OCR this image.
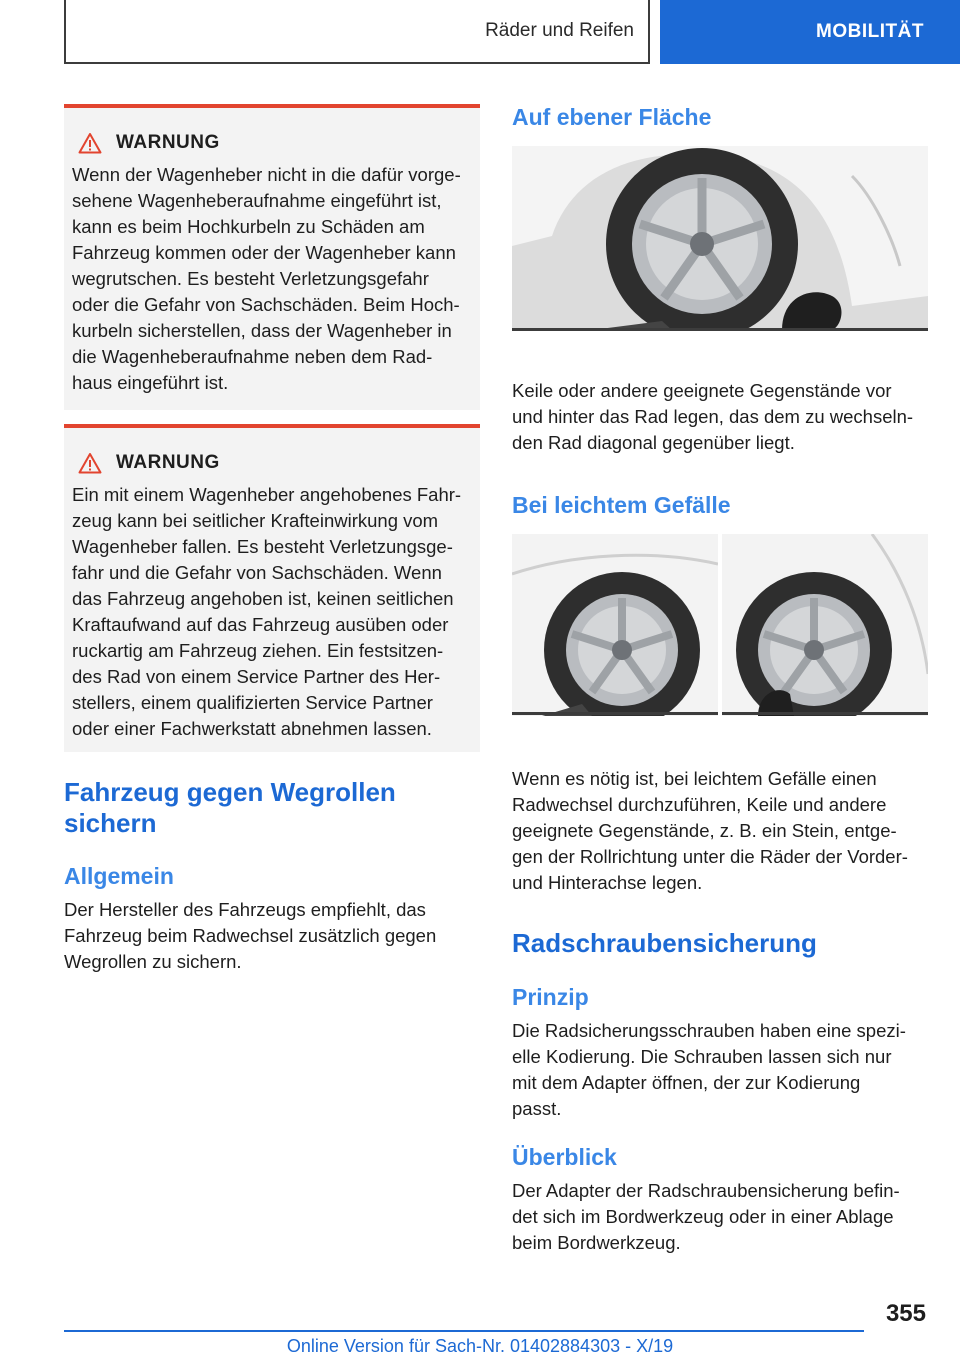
Räder und Reifen	MOBILITÄT
WARNUNG
Wenn der Wagenheber nicht in die dafür vorge‐
sehene Wagenheberaufnahme eingeführt ist,
kann es beim Hochkurbeln zu Schäden am
Fahrzeug kommen oder der Wagenheber kann
wegrutschen. Es besteht Verletzungsgefahr
oder die Gefahr von Sachschäden. Beim Hoch‐
kurbeln sicherstellen, dass der Wagenheber in
die Wagenheberaufnahme neben dem Rad‐
haus eingeführt ist.
WARNUNG
Ein mit einem Wagenheber angehobenes Fahr‐
zeug kann bei seitlicher Krafteinwirkung vom
Wagenheber fallen. Es besteht Verletzungsge‐
fahr und die Gefahr von Sachschäden. Wenn
das Fahrzeug angehoben ist, keinen seitlichen
Kraftaufwand auf das Fahrzeug ausüben oder
ruckartig am Fahrzeug ziehen. Ein festsitzen‐
des Rad von einem Service Partner des Her‐
stellers, einem qualifizierten Service Partner
oder einer Fachwerkstatt abnehmen lassen.
Fahrzeug gegen Wegrollen
sichern
Allgemein
Der Hersteller des Fahrzeugs empfiehlt, das
Fahrzeug beim Radwechsel zusätzlich gegen
Wegrollen zu sichern.
Auf ebener Fläche
Keile oder andere geeignete Gegenstände vor
und hinter das Rad legen, das dem zu wechseln‐
den Rad diagonal gegenüber liegt.
Bei leichtem Gefälle
Wenn es nötig ist, bei leichtem Gefälle einen
Radwechsel durchzuführen, Keile und andere
geeignete Gegenstände, z. B. ein Stein, entge‐
gen der Rollrichtung unter die Räder der Vorder‐
und Hinterachse legen.
Radschraubensicherung
Prinzip
Die Radsicherungsschrauben haben eine spezi‐
elle Kodierung. Die Schrauben lassen sich nur
mit dem Adapter öffnen, der zur Kodierung
passt.
Überblick
Der Adapter der Radschraubensicherung befin‐
det sich im Bordwerkzeug oder in einer Ablage
beim Bordwerkzeug.
355
Online Version für Sach-Nr. 01402884303 - X/19
